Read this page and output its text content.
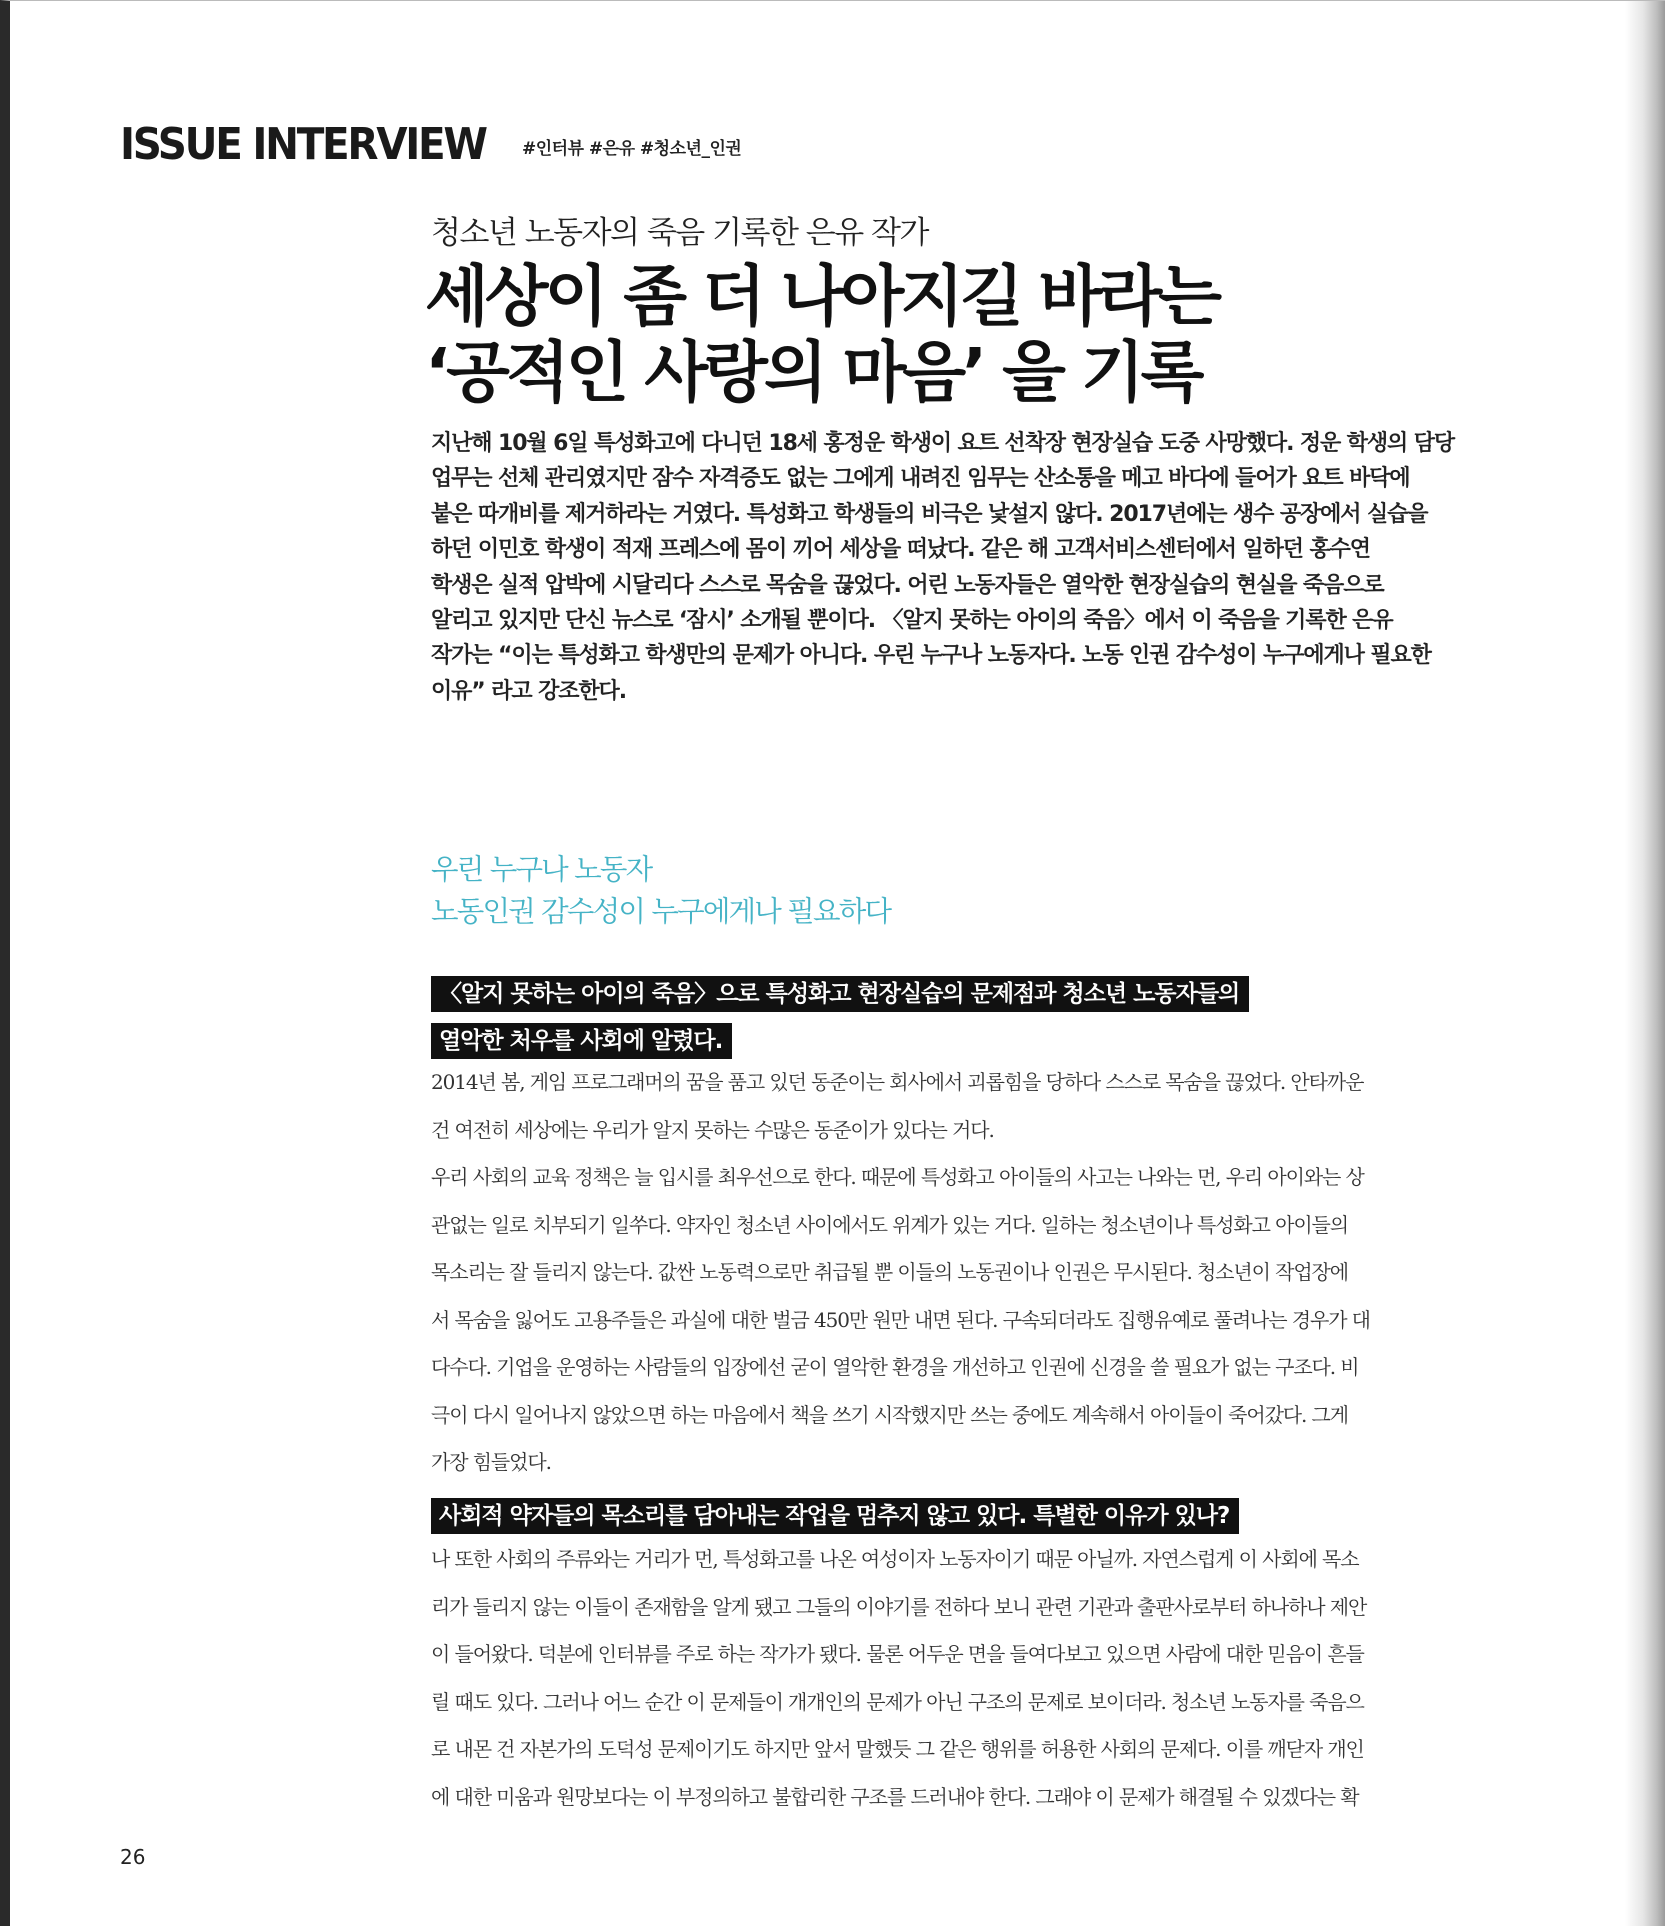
ISSUE INTERVIEW #인터뷰 #은유 #청소년_인권
청소년 노동자의 죽음 기록한 은유 작가
세상이 좀 더 나아지길 바라는
‘공적인 사랑의 마음’ 을 기록
지난해 10월 6일 특성화고에 다니던 18세 홍정운 학생이 요트 선착장 현장실습 도중 사망했다. 정운 학생의 담당
업무는 선체 관리였지만 잠수 자격증도 없는 그에게 내려진 임무는 산소통을 메고 바다에 들어가 요트 바닥에
붙은 따개비를 제거하라는 거였다. 특성화고 학생들의 비극은 낯설지 않다. 2017년에는 생수 공장에서 실습을
하던 이민호 학생이 적재 프레스에 몸이 끼어 세상을 떠났다. 같은 해 고객서비스센터에서 일하던 홍수연
학생은 실적 압박에 시달리다 스스로 목숨을 끊었다. 어린 노동자들은 열악한 현장실습의 현실을 죽음으로
알리고 있지만 단신 뉴스로 ‘잠시’ 소개될 뿐이다. 〈알지 못하는 아이의 죽음〉에서 이 죽음을 기록한 은유
작가는 “이는 특성화고 학생만의 문제가 아니다. 우린 누구나 노동자다. 노동 인권 감수성이 누구에게나 필요한
이유” 라고 강조한다.
우린 누구나 노동자
노동인권 감수성이 누구에게나 필요하다
〈알지 못하는 아이의 죽음〉으로 특성화고 현장실습의 문제점과 청소년 노동자들의
열악한 처우를 사회에 알렸다.
2014년 봄, 게임 프로그래머의 꿈을 품고 있던 동준이는 회사에서 괴롭힘을 당하다 스스로 목숨을 끊었다. 안타까운
건 여전히 세상에는 우리가 알지 못하는 수많은 동준이가 있다는 거다.
우리 사회의 교육 정책은 늘 입시를 최우선으로 한다. 때문에 특성화고 아이들의 사고는 나와는 먼, 우리 아이와는 상
관없는 일로 치부되기 일쑤다. 약자인 청소년 사이에서도 위계가 있는 거다. 일하는 청소년이나 특성화고 아이들의
목소리는 잘 들리지 않는다. 값싼 노동력으로만 취급될 뿐 이들의 노동권이나 인권은 무시된다. 청소년이 작업장에
서 목숨을 잃어도 고용주들은 과실에 대한 벌금 450만 원만 내면 된다. 구속되더라도 집행유예로 풀려나는 경우가 대
다수다. 기업을 운영하는 사람들의 입장에선 굳이 열악한 환경을 개선하고 인권에 신경을 쓸 필요가 없는 구조다. 비
극이 다시 일어나지 않았으면 하는 마음에서 책을 쓰기 시작했지만 쓰는 중에도 계속해서 아이들이 죽어갔다. 그게
가장 힘들었다.
사회적 약자들의 목소리를 담아내는 작업을 멈추지 않고 있다. 특별한 이유가 있나?
나 또한 사회의 주류와는 거리가 먼, 특성화고를 나온 여성이자 노동자이기 때문 아닐까. 자연스럽게 이 사회에 목소
리가 들리지 않는 이들이 존재함을 알게 됐고 그들의 이야기를 전하다 보니 관련 기관과 출판사로부터 하나하나 제안
이 들어왔다. 덕분에 인터뷰를 주로 하는 작가가 됐다. 물론 어두운 면을 들여다보고 있으면 사람에 대한 믿음이 흔들
릴 때도 있다. 그러나 어느 순간 이 문제들이 개개인의 문제가 아닌 구조의 문제로 보이더라. 청소년 노동자를 죽음으
로 내몬 건 자본가의 도덕성 문제이기도 하지만 앞서 말했듯 그 같은 행위를 허용한 사회의 문제다. 이를 깨닫자 개인
에 대한 미움과 원망보다는 이 부정의하고 불합리한 구조를 드러내야 한다. 그래야 이 문제가 해결될 수 있겠다는 확
26
